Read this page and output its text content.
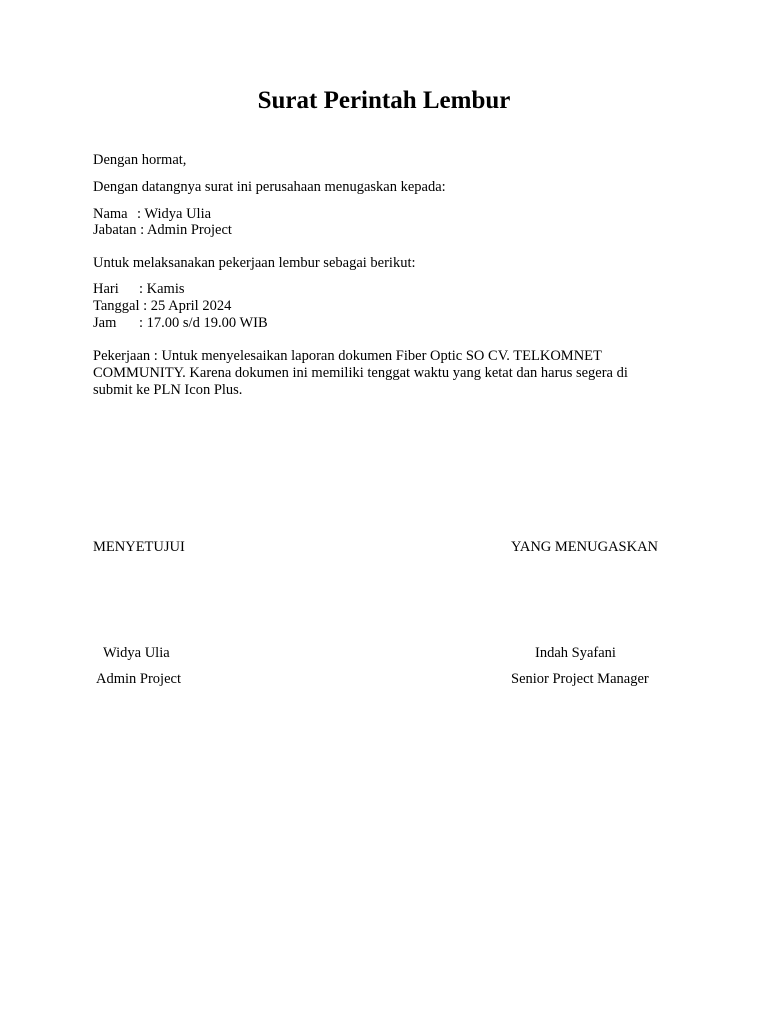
Surat Perintah Lembur
Dengan hormat,
Dengan datangnya surat ini perusahaan menugaskan kepada:
Nama : Widya Ulia
Jabatan : Admin Project
Untuk melaksanakan pekerjaan lembur sebagai berikut:
Hari : Kamis
Tanggal : 25 April 2024
Jam : 17.00 s/d 19.00 WIB
Pekerjaan : Untuk menyelesaikan laporan dokumen Fiber Optic SO CV. TELKOMNET COMMUNITY. Karena dokumen ini memiliki tenggat waktu yang ketat dan harus segera di submit ke PLN Icon Plus.
MENYETUJUI	YANG MENUGASKAN
Widya Ulia	Indah Syafani
Admin Project	Senior Project Manager
